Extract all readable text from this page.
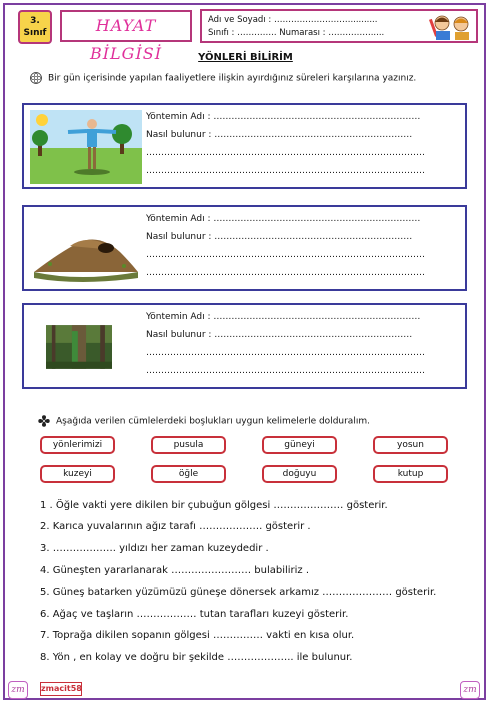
3.
Sınıf	HAYAT BİLGİSİ
Adı ve Soyadı : ………………………..........
Sınıfı : ………….. Numarası : …………….....
YÖNLERİ BİLİRİM
Bir gün içerisinde yapılan faaliyetlere ilişkin ayırdığınız süreleri karşılarına yazınız.
Yöntemin Adı : ……………………………………………………………
Nasıl bulunur : …………………………………………………………
…………………………………………………………………………………
…………………………………………………………………………………
Yöntemin Adı : ……………………………………………………………
Nasıl bulunur : …………………………………………………………
…………………………………………………………………………………
…………………………………………………………………………………
Yöntemin Adı : ……………………………………………………………
Nasıl bulunur : …………………………………………………………
…………………………………………………………………………………
…………………………………………………………………………………
Aşağıda verilen cümlelerdeki boşlukları uygun kelimelerle dolduralım.
yönlerimizi	pusula	güneyi	yosun
kuzeyi	öğle	doğuyu	kutup
1 . Öğle vakti yere dikilen bir çubuğun gölgesi ………………… gösterir.
2. Karıca yuvalarının ağız tarafı ………………. gösterir .
3. ………………. yıldızı her zaman kuzeydedir .
4. Güneşten yararlanarak …………………… bulabiliriz .
5. Güneş batarken yüzümüzü güneşe dönersek arkamız ………………… gösterir.
6. Ağaç ve taşların ……………… tutan tarafları kuzeyi gösterir.
7. Toprağa dikilen sopanın gölgesi …………… vakti en kısa olur.
8. Yön , en kolay ve doğru bir şekilde ……………….. ile bulunur.
zm	zmacit58	zm
